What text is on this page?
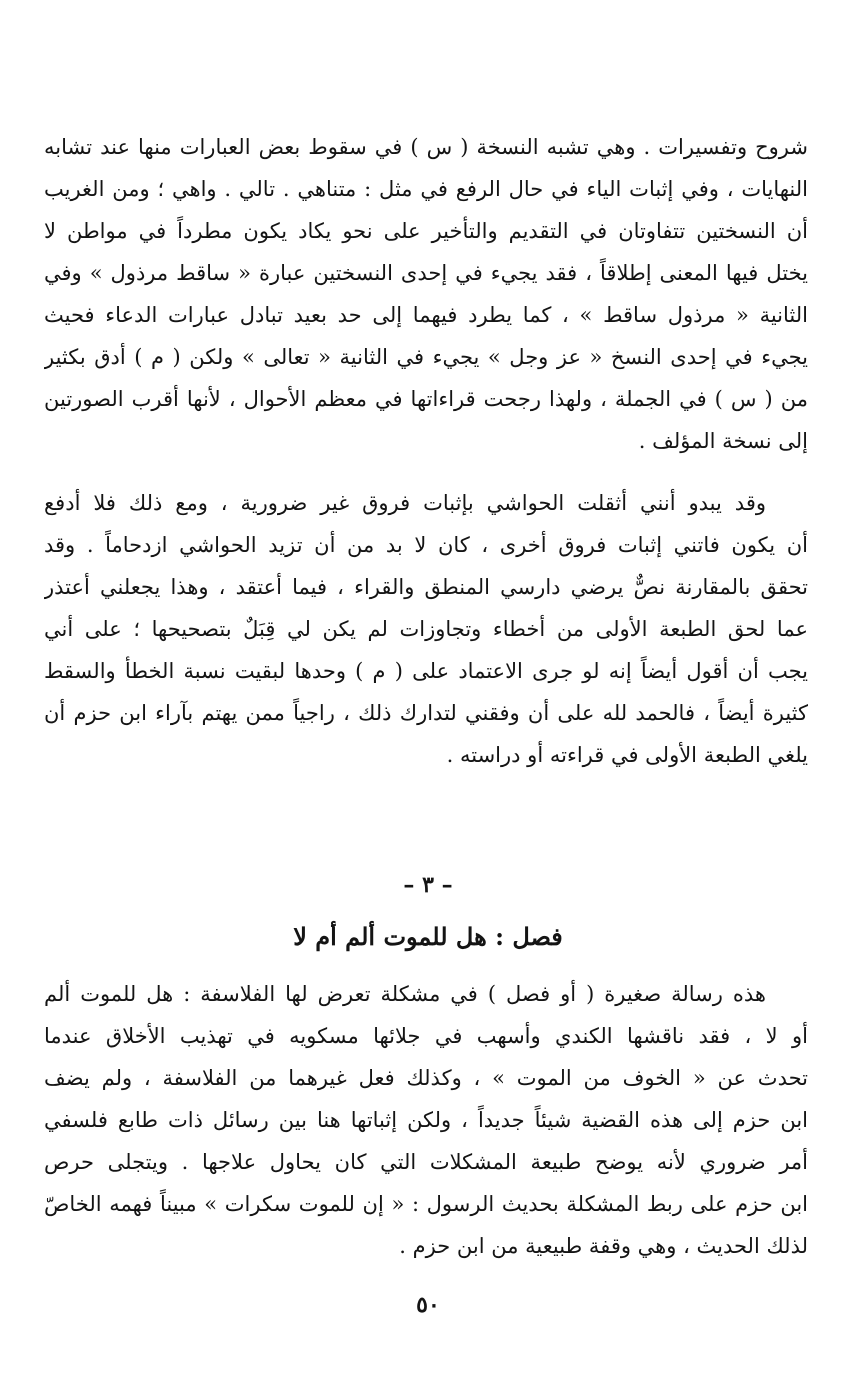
شروح وتفسيرات . وهي تشبه النسخة ( س ) في سقوط بعض العبارات منها عند تشابه
النهايات ، وفي إثبات الياء في حال الرفع في مثل : متناهي . تالي . واهي ؛ ومن الغريب
أن النسختين تتفاوتان في التقديم والتأخير على نحو يكاد يكون مطرداً في مواطن لا
يختل فيها المعنى إطلاقاً ، فقد يجيء في إحدى النسختين عبارة « ساقط مرذول » وفي
الثانية « مرذول ساقط » ، كما يطرد فيهما إلى حد بعيد تبادل عبارات الدعاء فحيث
يجيء في إحدى النسخ « عز وجل » يجيء في الثانية « تعالى » ولكن ( م ) أدق بكثير
من ( س ) في الجملة ، ولهذا رجحت قراءاتها في معظم الأحوال ، لأنها أقرب الصورتين
إلى نسخة المؤلف .
وقد يبدو أنني أثقلت الحواشي بإثبات فروق غير ضرورية ، ومع ذلك فلا أدفع
أن يكون فاتني إثبات فروق أخرى ، كان لا بد من أن تزيد الحواشي ازدحاماً . وقد
تحقق بالمقارنة نصٌّ يرضي دارسي المنطق والقراء ، فيما أعتقد ، وهذا يجعلني أعتذر
عما لحق الطبعة الأولى من أخطاء وتجاوزات لم يكن لي قِبَلٌ بتصحيحها ؛ على أني
يجب أن أقول أيضاً إنه لو جرى الاعتماد على ( م ) وحدها لبقيت نسبة الخطأ والسقط
كثيرة أيضاً ، فالحمد لله على أن وفقني لتدارك ذلك ، راجياً ممن يهتم بآراء ابن حزم أن
يلغي الطبعة الأولى في قراءته أو دراسته .
– ٣ –
فصل : هل للموت ألم أم لا
هذه رسالة صغيرة ( أو فصل ) في مشكلة تعرض لها الفلاسفة : هل للموت ألم
أو لا ، فقد ناقشها الكندي وأسهب في جلائها مسكويه في تهذيب الأخلاق عندما
تحدث عن « الخوف من الموت » ، وكذلك فعل غيرهما من الفلاسفة ، ولم يضف
ابن حزم إلى هذه القضية شيئاً جديداً ، ولكن إثباتها هنا بين رسائل ذات طابع فلسفي
أمر ضروري لأنه يوضح طبيعة المشكلات التي كان يحاول علاجها . ويتجلى حرص
ابن حزم على ربط المشكلة بحديث الرسول : « إن للموت سكرات » مبيناً فهمه الخاصّ
لذلك الحديث ، وهي وقفة طبيعية من ابن حزم .
٥٠
